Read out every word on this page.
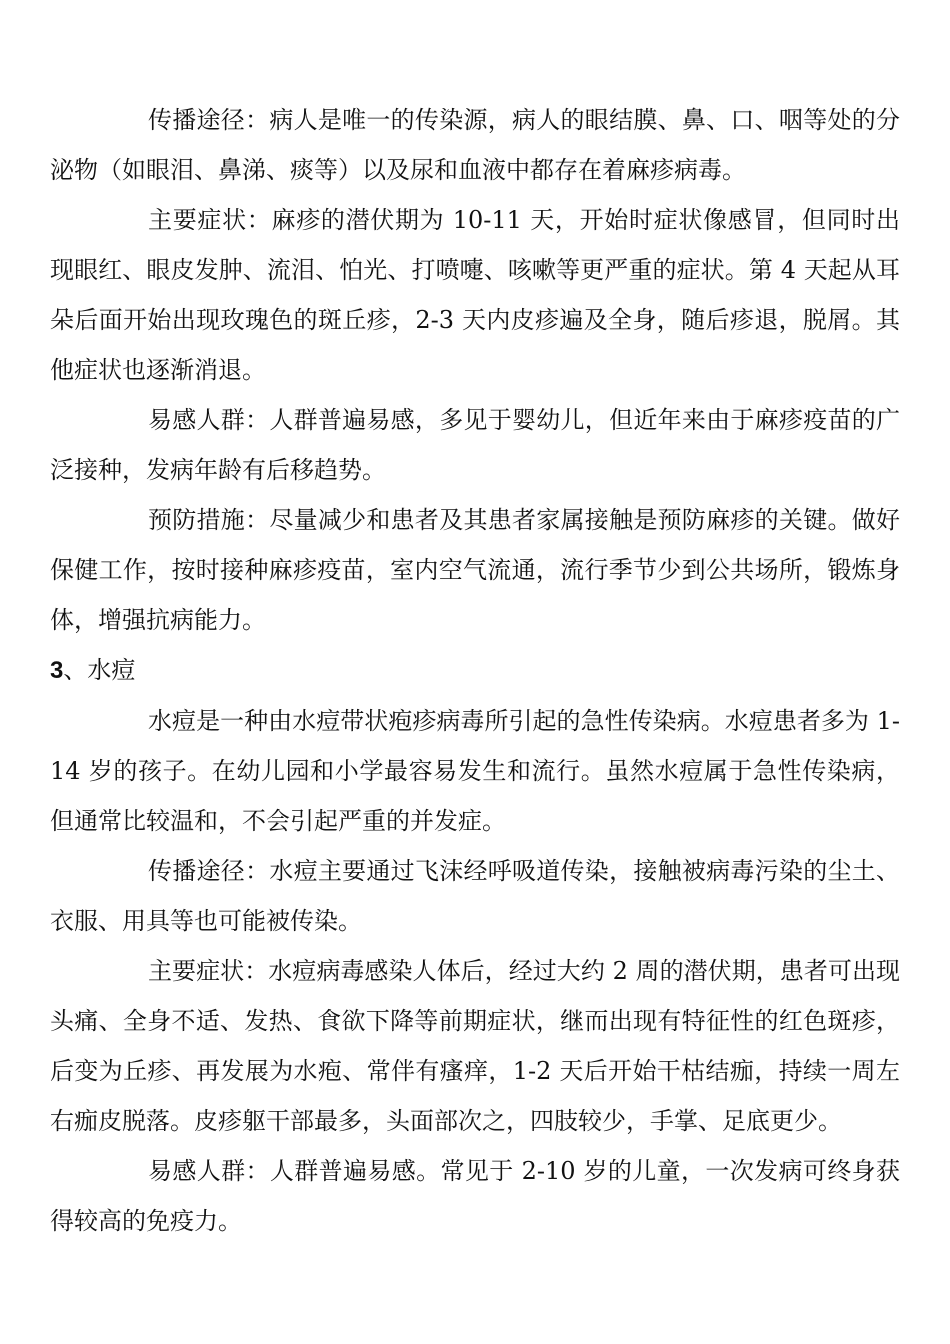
传播途径：病人是唯一的传染源，病人的眼结膜、鼻、口、咽等处的分泌物（如眼泪、鼻涕、痰等）以及尿和血液中都存在着麻疹病毒。

主要症状：麻疹的潜伏期为 10-11 天，开始时症状像感冒，但同时出现眼红、眼皮发肿、流泪、怕光、打喷嚏、咳嗽等更严重的症状。第 4 天起从耳朵后面开始出现玫瑰色的斑丘疹，2-3 天内皮疹遍及全身，随后疹退，脱屑。其他症状也逐渐消退。

易感人群：人群普遍易感，多见于婴幼儿，但近年来由于麻疹疫苗的广泛接种，发病年龄有后移趋势。

预防措施：尽量减少和患者及其患者家属接触是预防麻疹的关键。做好保健工作，按时接种麻疹疫苗，室内空气流通，流行季节少到公共场所，锻炼身体，增强抗病能力。

3、水痘

水痘是一种由水痘带状疱疹病毒所引起的急性传染病。水痘患者多为 1-14 岁的孩子。在幼儿园和小学最容易发生和流行。虽然水痘属于急性传染病，但通常比较温和，不会引起严重的并发症。

传播途径：水痘主要通过飞沫经呼吸道传染，接触被病毒污染的尘土、衣服、用具等也可能被传染。

主要症状：水痘病毒感染人体后，经过大约 2 周的潜伏期，患者可出现头痛、全身不适、发热、食欲下降等前期症状，继而出现有特征性的红色斑疹，后变为丘疹、再发展为水疱、常伴有瘙痒，1-2 天后开始干枯结痂，持续一周左右痂皮脱落。皮疹躯干部最多，头面部次之，四肢较少，手掌、足底更少。

易感人群：人群普遍易感。常见于 2-10 岁的儿童，一次发病可终身获得较高的免疫力。
